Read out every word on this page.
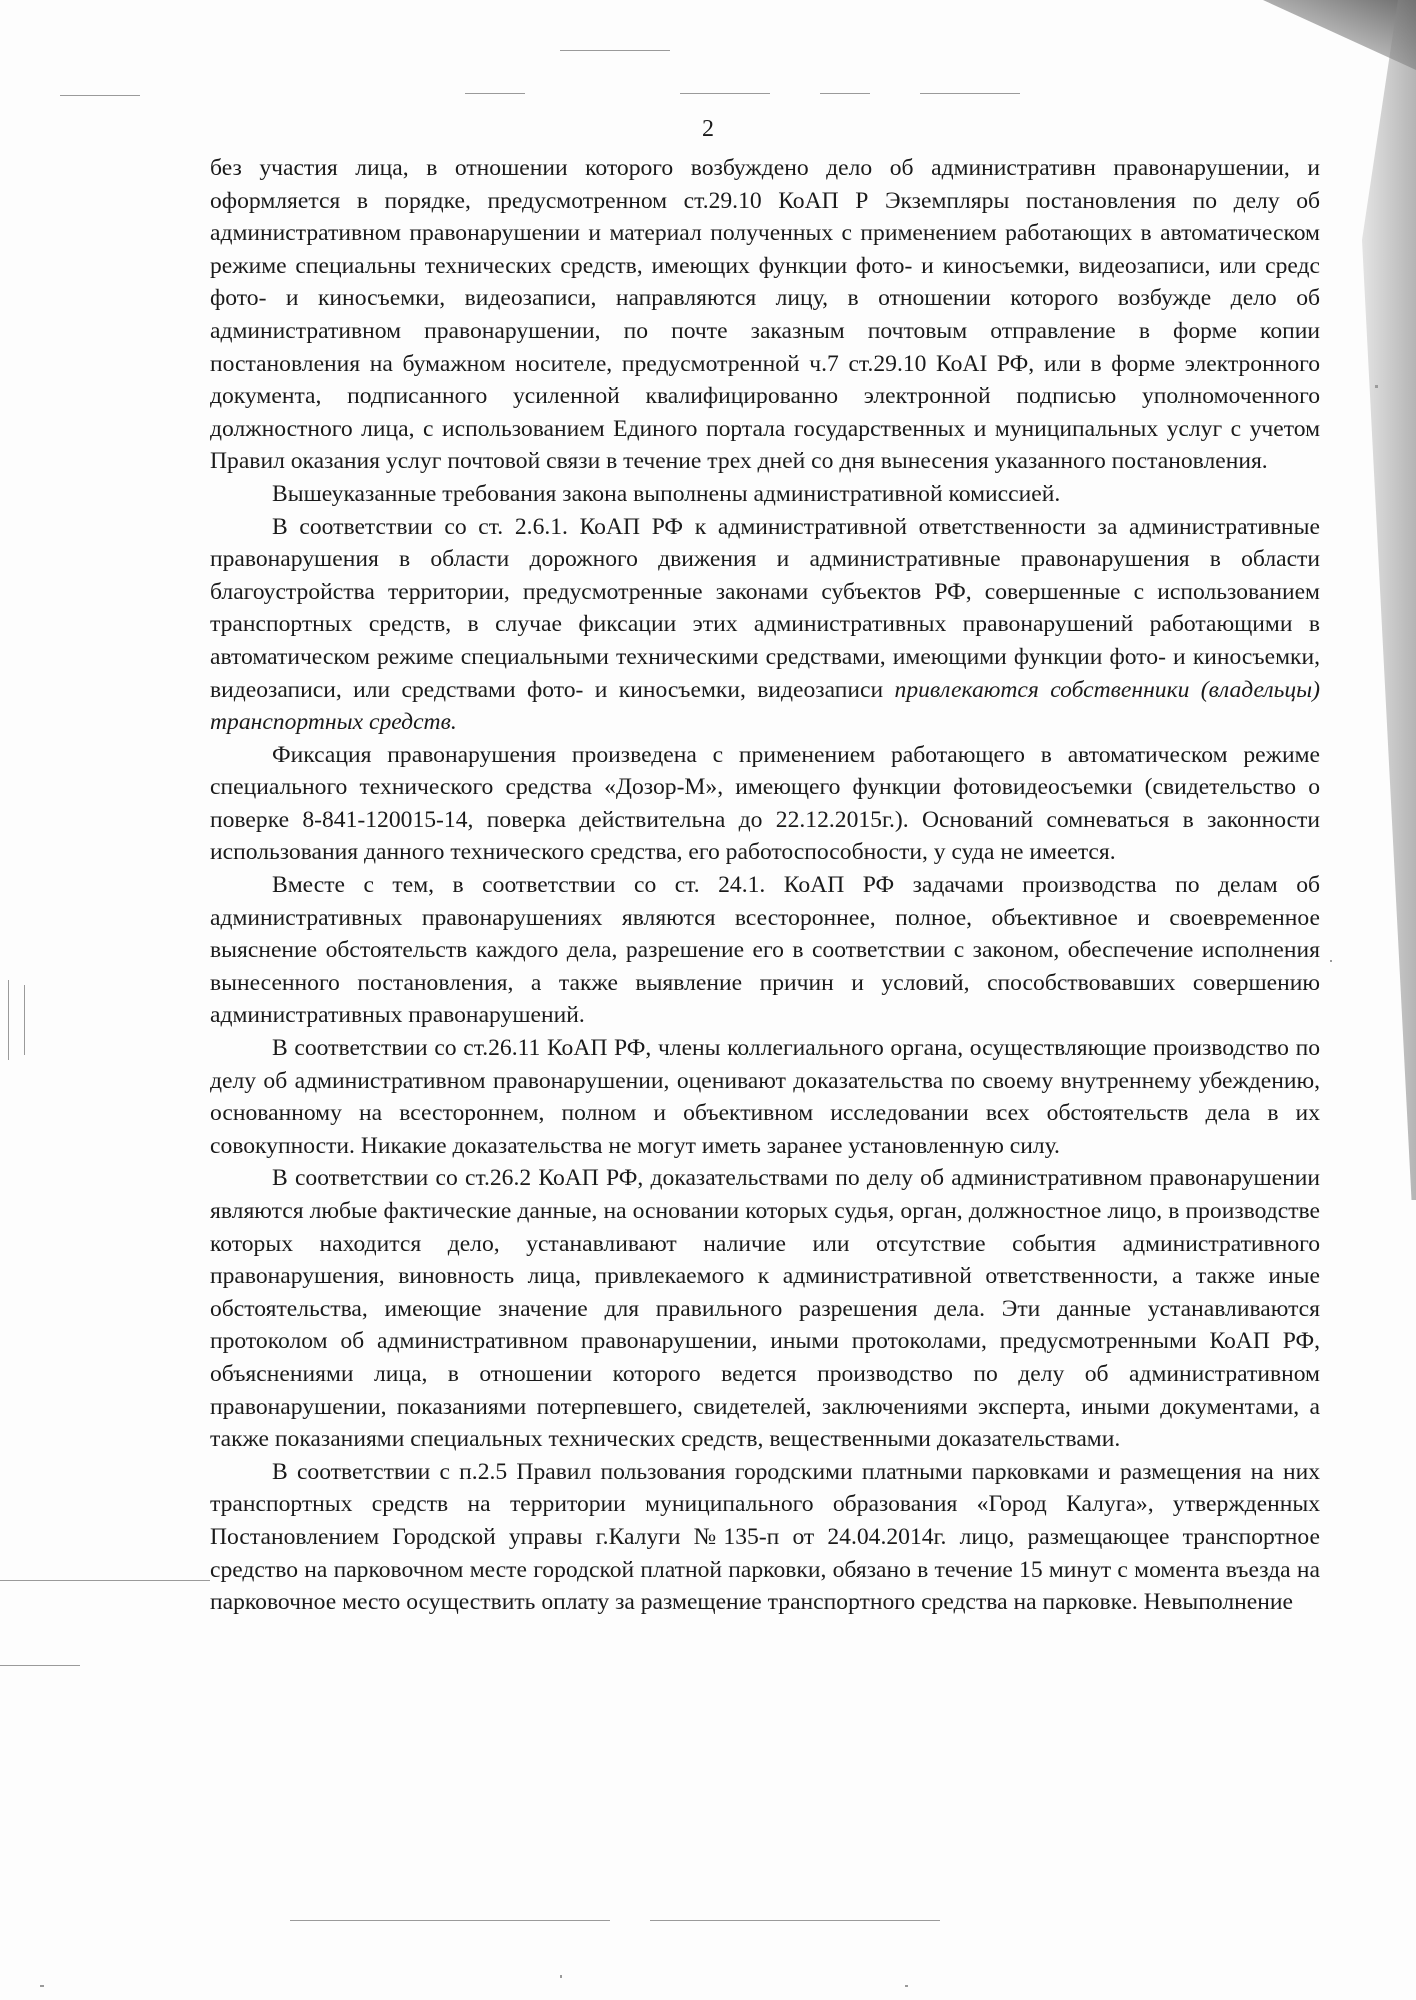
2

без участия лица, в отношении которого возбуждено дело об административн правонарушении, и оформляется в порядке, предусмотренном ст.29.10 КоАП Р Экземпляры постановления по делу об административном правонарушении и материал полученных с применением работающих в автоматическом режиме специальны технических средств, имеющих функции фото- и киносъемки, видеозаписи, или средс фото- и киносъемки, видеозаписи, направляются лицу, в отношении которого возбужде дело об административном правонарушении, по почте заказным почтовым отправление в форме копии постановления на бумажном носителе, предусмотренной ч.7 ст.29.10 КоАІ РФ, или в форме электронного документа, подписанного усиленной квалифицированно электронной подписью уполномоченного должностного лица, с использованием Единого портала государственных и муниципальных услуг с учетом Правил оказания услуг почтовой связи в течение трех дней со дня вынесения указанного постановления.

Вышеуказанные требования закона выполнены административной комиссией.

В соответствии со ст. 2.6.1. КоАП РФ к административной ответственности за административные правонарушения в области дорожного движения и административные правонарушения в области благоустройства территории, предусмотренные законами субъектов РФ, совершенные с использованием транспортных средств, в случае фиксации этих административных правонарушений работающими в автоматическом режиме специальными техническими средствами, имеющими функции фото- и киносъемки, видеозаписи, или средствами фото- и киносъемки, видеозаписи привлекаются собственники (владельцы) транспортных средств.

Фиксация правонарушения произведена с применением работающего в автоматическом режиме специального технического средства «Дозор-М», имеющего функции фотовидеосъемки (свидетельство о поверке 8-841-120015-14, поверка действительна до 22.12.2015г.). Оснований сомневаться в законности использования данного технического средства, его работоспособности, у суда не имеется.

Вместе с тем, в соответствии со ст. 24.1. КоАП РФ задачами производства по делам об административных правонарушениях являются всестороннее, полное, объективное и своевременное выяснение обстоятельств каждого дела, разрешение его в соответствии с законом, обеспечение исполнения вынесенного постановления, а также выявление причин и условий, способствовавших совершению административных правонарушений.

В соответствии со ст.26.11 КоАП РФ, члены коллегиального органа, осуществляющие производство по делу об административном правонарушении, оценивают доказательства по своему внутреннему убеждению, основанному на всестороннем, полном и объективном исследовании всех обстоятельств дела в их совокупности. Никакие доказательства не могут иметь заранее установленную силу.

В соответствии со ст.26.2 КоАП РФ, доказательствами по делу об административном правонарушении являются любые фактические данные, на основании которых судья, орган, должностное лицо, в производстве которых находится дело, устанавливают наличие или отсутствие события административного правонарушения, виновность лица, привлекаемого к административной ответственности, а также иные обстоятельства, имеющие значение для правильного разрешения дела. Эти данные устанавливаются протоколом об административном правонарушении, иными протоколами, предусмотренными КоАП РФ, объяснениями лица, в отношении которого ведется производство по делу об административном правонарушении, показаниями потерпевшего, свидетелей, заключениями эксперта, иными документами, а также показаниями специальных технических средств, вещественными доказательствами.

В соответствии с п.2.5 Правил пользования городскими платными парковками и размещения на них транспортных средств на территории муниципального образования «Город Калуга», утвержденных Постановлением Городской управы г.Калуги №135-п от 24.04.2014г. лицо, размещающее транспортное средство на парковочном месте городской платной парковки, обязано в течение 15 минут с момента въезда на парковочное место осуществить оплату за размещение транспортного средства на парковке. Невыполнение
